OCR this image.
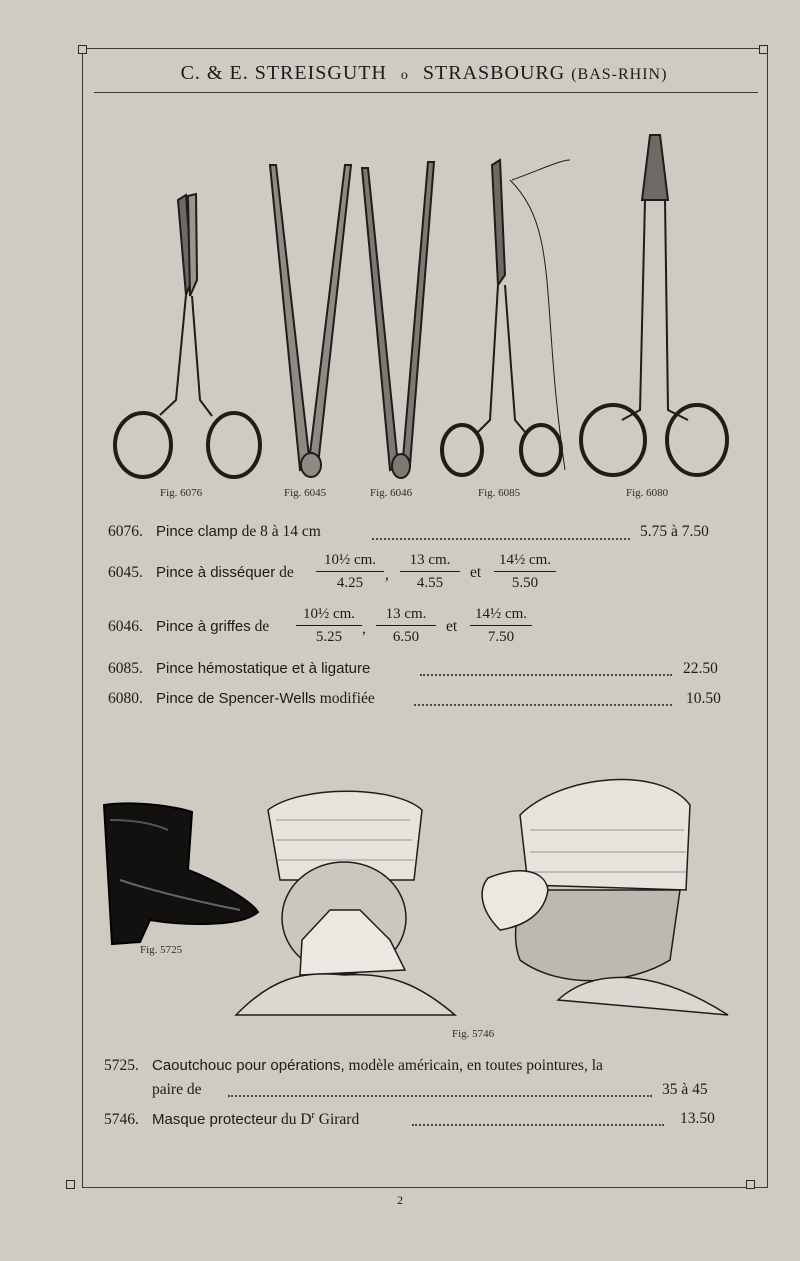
C. & E. STREISGUTH o STRASBOURG (BAS-RHIN)
Fig. 6076	Fig. 6045	Fig. 6046	Fig. 6085	Fig. 6080
6076. Pince clamp de 8 à 14 cm	5.75 à 7.50
6045. Pince à disséquer de $\frac{\text{10½ cm.}}{4.25}$ , $\frac{13 cm.}{4.55}$ et $\frac{\text{14½ cm.}}{5.50}$
6046. Pince à griffes de $\frac{\text{10½ cm.}}{5.25}$ , $\frac{13 cm.}{6.50}$ et $\frac{\text{14½ cm.}}{7.50}$
6085. Pince hémostatique et à ligature	22.50
6080. Pince de Spencer-Wells modifiée	10.50
Fig. 5725
Fig. 5746
5725. Caoutchouc pour opérations, modèle américain, en toutes pointures, la
paire de	35 à 45
5746. Masque protecteur du $D^r$ Girard	13.50
2
